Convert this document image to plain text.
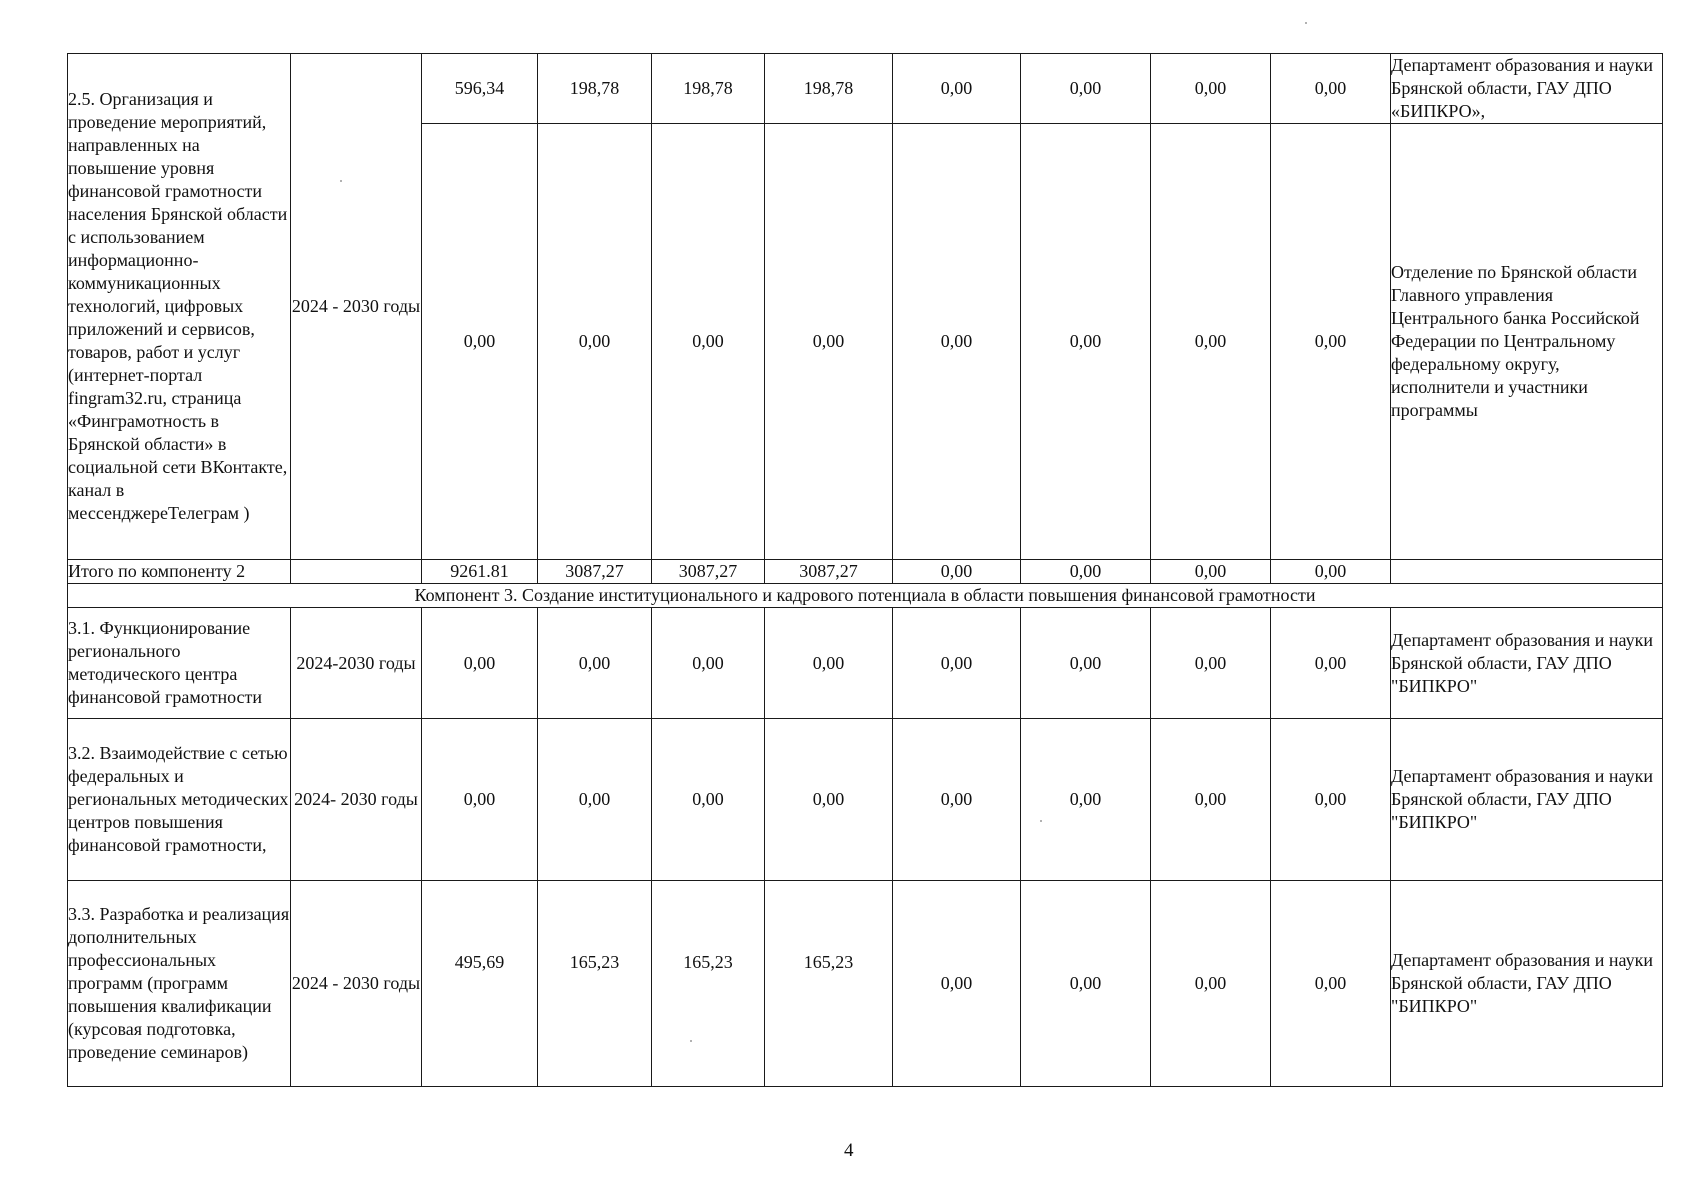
2.5. Организация и проведение мероприятий, направленных на повышение уровня финансовой грамотности населения Брянской области с использованием информационно-коммуникационных технологий, цифровых приложений и сервисов, товаров, работ и услуг (интернет-портал fingram32.ru, страница «Финграмотность в Брянской области» в социальной сети ВКонтакте, канал в мессенджереТелеграм )	2024 - 2030 годы	596,34	198,78	198,78	198,78	0,00	0,00	0,00	0,00	Департамент образования и науки Брянской области, ГАУ ДПО «БИПКРО»,
		0,00	0,00	0,00	0,00	0,00	0,00	0,00	0,00	Отделение по Брянской области Главного управления Центрального банка Российской Федерации по Центральному федеральному округу, исполнители и участники программы
Итого по компоненту 2		9261.81	3087,27	3087,27	3087,27	0,00	0,00	0,00	0,00	
Компонент 3. Создание институционального и кадрового потенциала в области повышения финансовой грамотности										
3.1. Функционирование регионального методического центра финансовой грамотности	2024-2030 годы	0,00	0,00	0,00	0,00	0,00	0,00	0,00	0,00	Департамент образования и науки Брянской области, ГАУ ДПО "БИПКРО"
3.2. Взаимодействие с сетью федеральных и региональных методических центров повышения финансовой грамотности,	2024- 2030 годы	0,00	0,00	0,00	0,00	0,00	0,00	0,00	0,00	Департамент образования и науки Брянской области, ГАУ ДПО "БИПКРО"
3.3. Разработка и реализация дополнительных профессиональных программ (программ повышения квалификации (курсовая подготовка, проведение семинаров)	2024 - 2030 годы	495,69	165,23	165,23	165,23	0,00	0,00	0,00	0,00	Департамент образования и науки Брянской области, ГАУ ДПО "БИПКРО"
4
